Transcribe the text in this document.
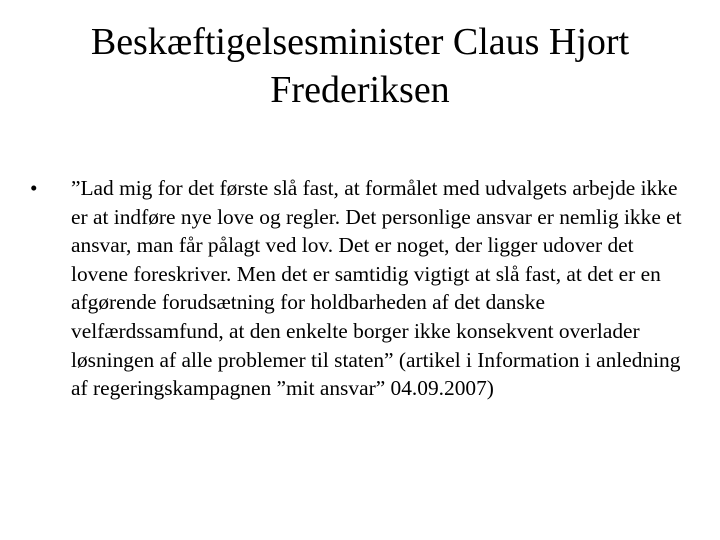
Beskæftigelsesminister Claus Hjort Frederiksen
•	”Lad mig for det første slå fast, at formålet med udvalgets arbejde ikke er at indføre nye love og regler. Det personlige ansvar er nemlig ikke et ansvar, man får pålagt ved lov. Det er noget, der ligger udover det lovene foreskriver. Men det er samtidig vigtigt at slå fast, at det er en afgørende forudsætning for holdbarheden af det danske velfærdssamfund, at den enkelte borger ikke konsekvent overlader løsningen af alle problemer til staten” (artikel i Information i anledning af regeringskampagnen ”mit ansvar” 04.09.2007)
